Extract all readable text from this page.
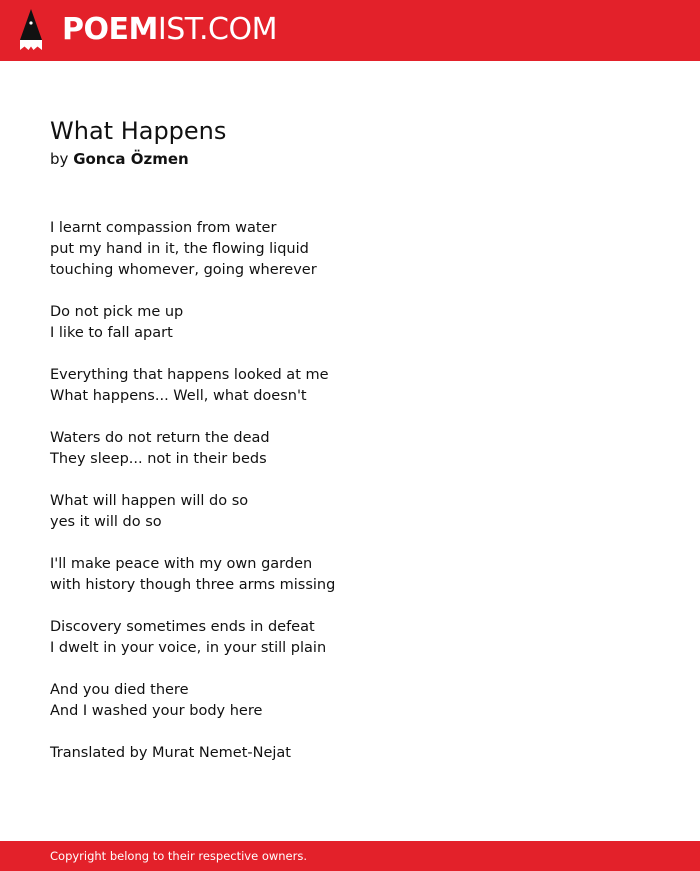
POEMIST.COM
What Happens
by Gonca Özmen
I learnt compassion from water
put my hand in it, the flowing liquid
touching whomever, going wherever
Do not pick me up
I like to fall apart
Everything that happens looked at me
What happens... Well, what doesn't
Waters do not return the dead
They sleep... not in their beds
What will happen will do so
yes it will do so
I'll make peace with my own garden
with history though three arms missing
Discovery sometimes ends in defeat
I dwelt in your voice, in your still plain
And you died there
And I washed your body here
Translated by Murat Nemet-Nejat
Copyright belong to their respective owners.
